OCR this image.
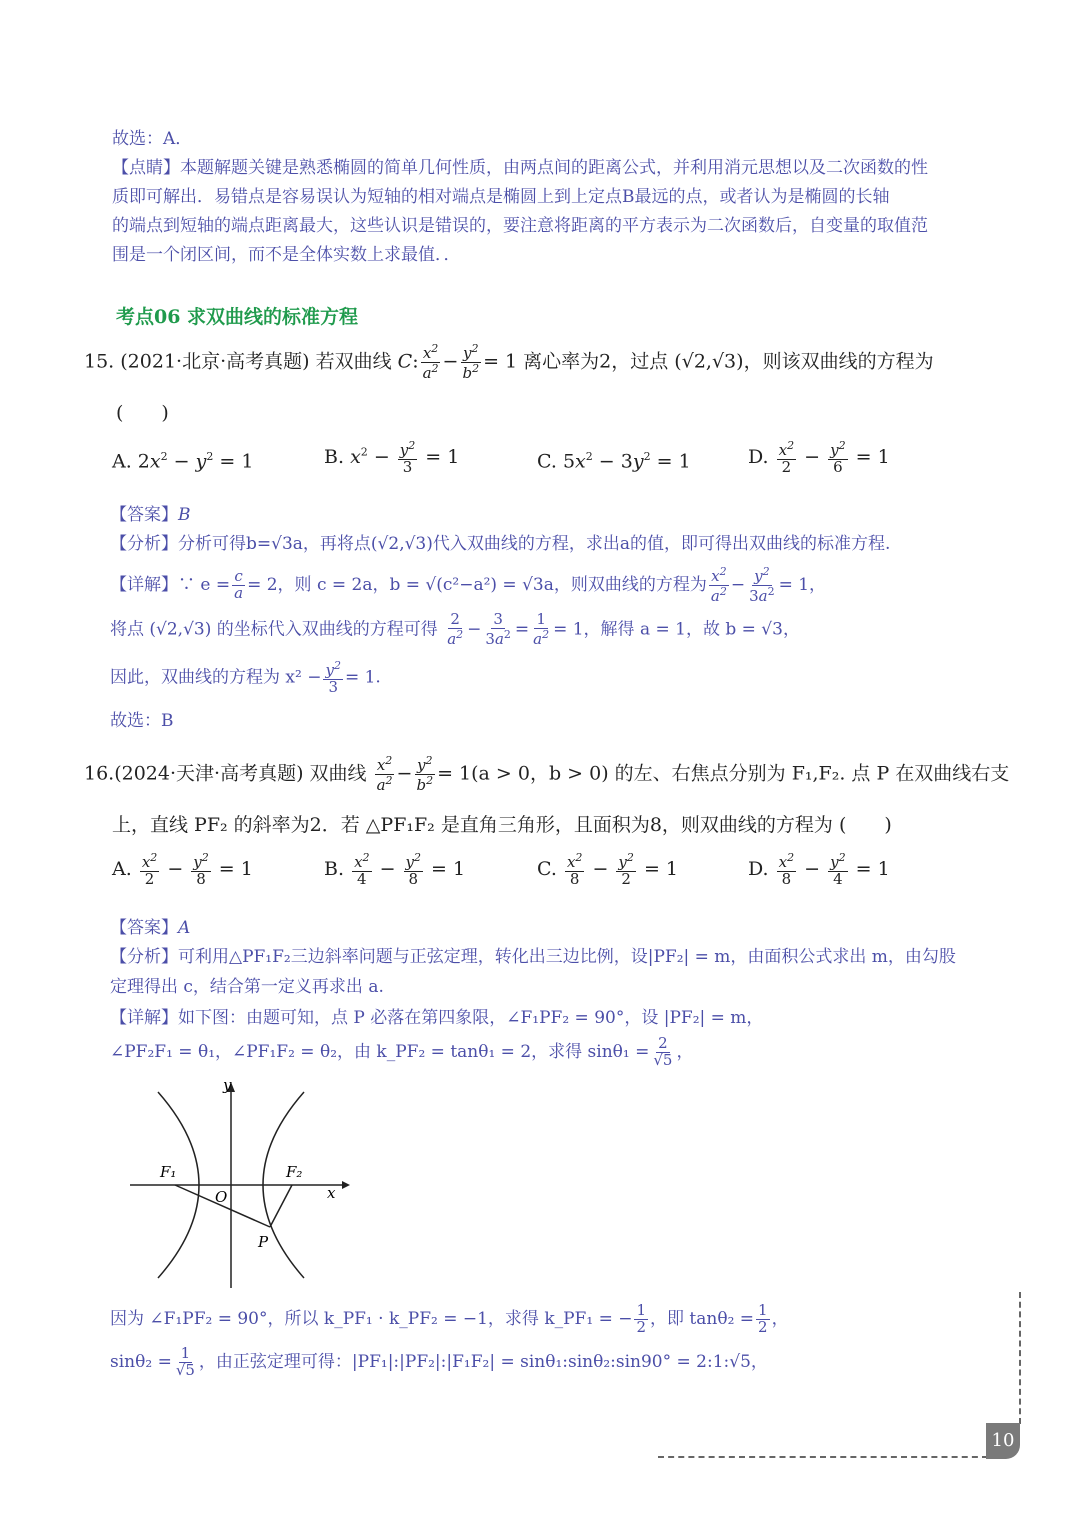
故选：A．
【点睛】本题解题关键是熟悉椭圆的简单几何性质，由两点间的距离公式，并利用消元思想以及二次函数的性
质即可解出．易错点是容易误认为短轴的相对端点是椭圆上到上定点B最远的点，或者认为是椭圆的长轴
的端点到短轴的端点距离最大，这些认识是错误的，要注意将距离的平方表示为二次函数后，自变量的取值范
围是一个闭区间，而不是全体实数上求最值．．
考点06 求双曲线的标准方程
15. (2021·北京·高考真题) 若双曲线 C: $\frac{x^2}{a^2} - \frac{y^2}{b^2} = 1$ 离心率为2，过点 (√2,√3)，则该双曲线的方程为
(　　)
A. $2x^2 - y^2 = 1$	B. $x^2 - \frac{y^2}{3} = 1$	C. $5x^2 - 3y^2 = 1$	D. $\frac{x^2}{2} - \frac{y^2}{6} = 1$
【答案】B
【分析】分析可得b=√3a，再将点(√2,√3)代入双曲线的方程，求出a的值，即可得出双曲线的标准方程.
【详解】∵ $e = \frac{c}{a} = 2$，则 c = 2a，b = √(c²−a²) = √3a，则双曲线的方程为 $\frac{x^2}{a^2} - \frac{y^2}{3a^2} = 1$，
将点 (√2,√3) 的坐标代入双曲线的方程可得 $\frac{2}{a^2} - \frac{3}{3a^2} = \frac{1}{a^2} = 1$，解得 a = 1，故 b = √3，
因此，双曲线的方程为 $x^2 - \frac{y^2}{3} = 1$.
故选：B
16.(2024·天津·高考真题) 双曲线 $\frac{x^2}{a^2} - \frac{y^2}{b^2} = 1(a > 0$，b > 0) 的左、右焦点分别为 F₁,F₂. 点 P 在双曲线右支
上，直线 PF₂ 的斜率为2．若 △PF₁F₂ 是直角三角形，且面积为8，则双曲线的方程为 (　　)
A. $\frac{x^2}{2} - \frac{y^2}{8} = 1$	B. $\frac{x^2}{4} - \frac{y^2}{8} = 1$	C. $\frac{x^2}{8} - \frac{y^2}{2} = 1$	D. $\frac{x^2}{8} - \frac{y^2}{4} = 1$
【答案】A
【分析】可利用△PF₁F₂三边斜率问题与正弦定理，转化出三边比例，设|PF₂| = m，由面积公式求出 m，由勾股
定理得出 c，结合第一定义再求出 a.
【详解】如下图：由题可知，点 P 必落在第四象限，∠F₁PF₂ = 90°，设 |PF₂| = m，
∠PF₂F₁ = θ₁，∠PF₁F₂ = θ₂，由 k_PF₂ = tanθ₁ = 2，求得 $\sin\theta_1 = \frac{2}{√5}$ ，
y
x
O
F₁	F₂
P
因为 ∠F₁PF₂ = 90°，所以 k_PF₁ · k_PF₂ = −1，求得 k_PF₁ = − $\frac{1}{2}$ ，即 $\tan\theta_2 = \frac{1}{2}$ ，
$\sin\theta_2 = \frac{1}{√5}$ ，由正弦定理可得：|PF₁|:|PF₂|:|F₁F₂| = sinθ₁:sinθ₂:sin90° = 2:1:√5，
10
